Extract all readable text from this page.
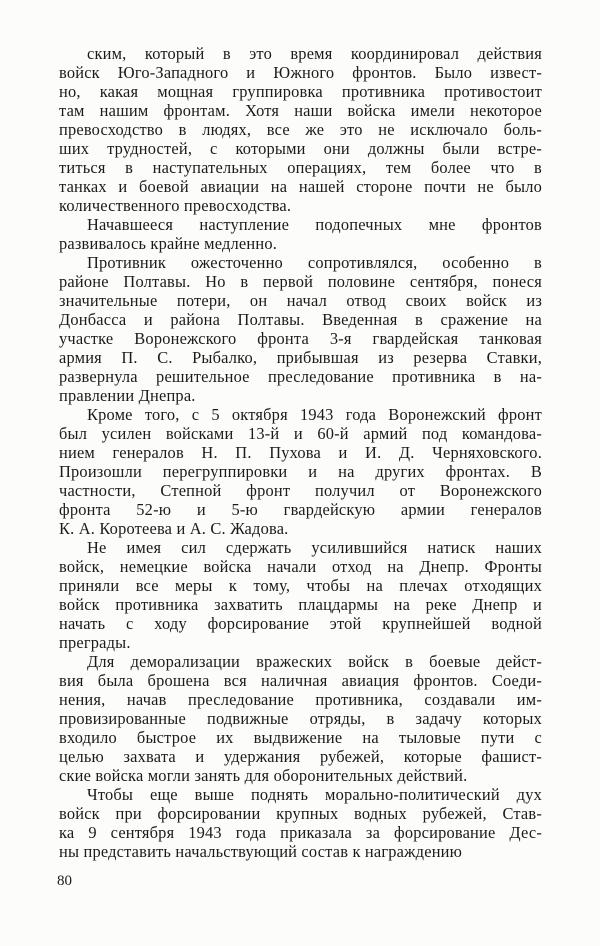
ским, который в это время координировал действия
войск Юго-Западного и Южного фронтов. Было извест-
но, какая мощная группировка противника противостоит
там нашим фронтам. Хотя наши войска имели некоторое
превосходство в людях, все же это не исключало боль-
ших трудностей, с которыми они должны были встре-
титься в наступательных операциях, тем более что в
танках и боевой авиации на нашей стороне почти не было
количественного превосходства.
Начавшееся наступление подопечных мне фронтов
развивалось крайне медленно.
Противник ожесточенно сопротивлялся, особенно в
районе Полтавы. Но в первой половине сентября, понеся
значительные потери, он начал отвод своих войск из
Донбасса и района Полтавы. Введенная в сражение на
участке Воронежского фронта 3-я гвардейская танковая
армия П. С. Рыбалко, прибывшая из резерва Ставки,
развернула решительное преследование противника в на-
правлении Днепра.
Кроме того, с 5 октября 1943 года Воронежский фронт
был усилен войсками 13-й и 60-й армий под командова-
нием генералов Н. П. Пухова и И. Д. Черняховского.
Произошли перегруппировки и на других фронтах. В
частности, Степной фронт получил от Воронежского
фронта 52-ю и 5-ю гвардейскую армии генералов
К. А. Коротеева и А. С. Жадова.
Не имея сил сдержать усилившийся натиск наших
войск, немецкие войска начали отход на Днепр. Фронты
приняли все меры к тому, чтобы на плечах отходящих
войск противника захватить плацдармы на реке Днепр и
начать с ходу форсирование этой крупнейшей водной
преграды.
Для деморализации вражеских войск в боевые дейст-
вия была брошена вся наличная авиация фронтов. Соеди-
нения, начав преследование противника, создавали им-
провизированные подвижные отряды, в задачу которых
входило быстрое их выдвижение на тыловые пути с
целью захвата и удержания рубежей, которые фашист-
ские войска могли занять для оборонительных действий.
Чтобы еще выше поднять морально-политический дух
войск при форсировании крупных водных рубежей, Став-
ка 9 сентября 1943 года приказала за форсирование Дес-
ны представить начальствующий состав к награждению
80
